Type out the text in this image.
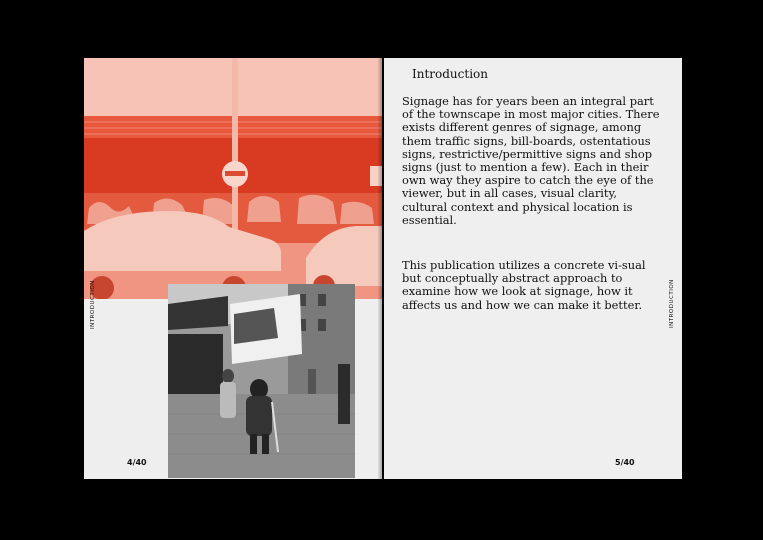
INTRODUCTION
4/40
Introduction

Signage has for years been an integral part of the townscape in most major cities. There exists different genres of signage, among them traffic signs, bill-boards, ostentatious signs, restrictive/permittive signs and shop signs (just to mention a few). Each in their own way they aspire to catch the eye of the viewer, but in all cases, visual clarity, cultural context and physical location is essential.

This publication utilizes a concrete vi-sual but conceptually abstract approach to examine how we look at signage, how it affects us and how we can make it better.	INTRODUCTION
5/40
